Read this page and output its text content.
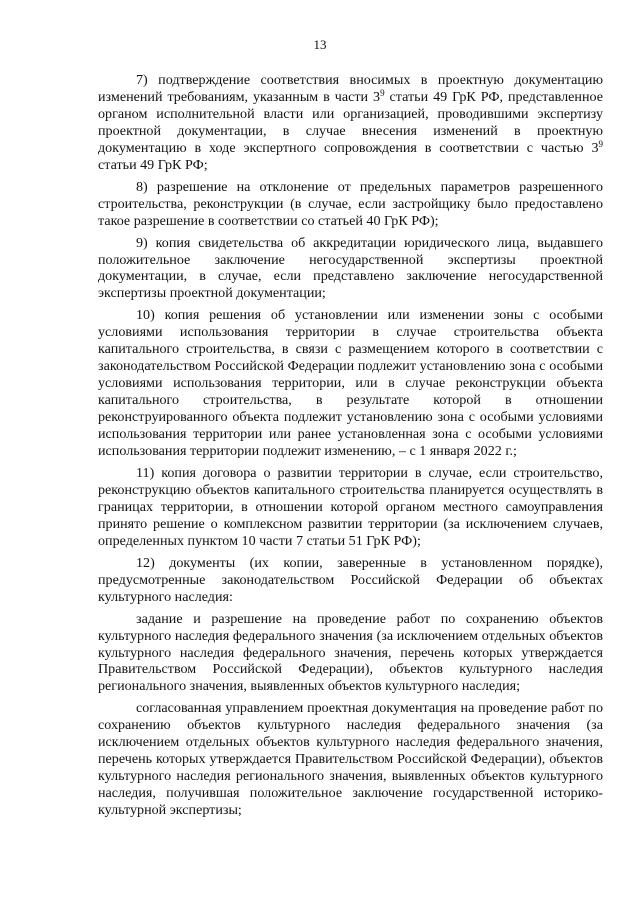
13

7) подтверждение соответствия вносимых в проектную документацию изменений требованиям, указанным в части $3^9$ статьи 49 ГрК РФ, представленное органом исполнительной власти или организацией, проводившими экспертизу проектной документации, в случае внесения изменений в проектную документацию в ходе экспертного сопровождения в соответствии с частью $3^9$ статьи 49 ГрК РФ;

8) разрешение на отклонение от предельных параметров разрешенного строительства, реконструкции (в случае, если застройщику было предоставлено такое разрешение в соответствии со статьей 40 ГрК РФ);

9) копия свидетельства об аккредитации юридического лица, выдавшего положительное заключение негосударственной экспертизы проектной документации, в случае, если представлено заключение негосударственной экспертизы проектной документации;

10) копия решения об установлении или изменении зоны с особыми условиями использования территории в случае строительства объекта капитального строительства, в связи с размещением которого в соответствии с законодательством Российской Федерации подлежит установлению зона с особыми условиями использования территории, или в случае реконструкции объекта капитального строительства, в результате которой в отношении реконструированного объекта подлежит установлению зона с особыми условиями использования территории или ранее установленная зона с особыми условиями использования территории подлежит изменению, – с 1 января 2022 г.;

11) копия договора о развитии территории в случае, если строительство, реконструкцию объектов капитального строительства планируется осуществлять в границах территории, в отношении которой органом местного самоуправления принято решение о комплексном развитии территории (за исключением случаев, определенных пунктом 10 части 7 статьи 51 ГрК РФ);

12) документы (их копии, заверенные в установленном порядке), предусмотренные законодательством Российской Федерации об объектах культурного наследия:

задание и разрешение на проведение работ по сохранению объектов культурного наследия федерального значения (за исключением отдельных объектов культурного наследия федерального значения, перечень которых утверждается Правительством Российской Федерации), объектов культурного наследия регионального значения, выявленных объектов культурного наследия;

согласованная управлением проектная документация на проведение работ по сохранению объектов культурного наследия федерального значения (за исключением отдельных объектов культурного наследия федерального значения, перечень которых утверждается Правительством Российской Федерации), объектов культурного наследия регионального значения, выявленных объектов культурного наследия, получившая положительное заключение государственной историко-культурной экспертизы;
